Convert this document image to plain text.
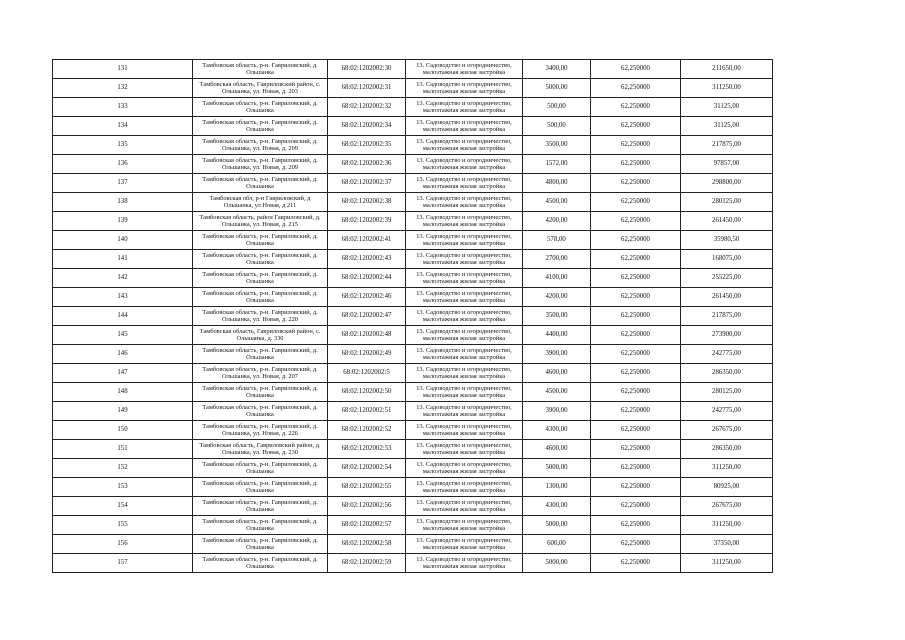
131	Тамбовская область, р-н. Гавриловский, д. Ольшанка	68:02:1202002:30	13. Садоводство и огородничество, малоэтажная жилая застройка	3400,00	62,250000	211650,00
132	Тамбовская область, Гавриловский район, с. Ольшанка, ул. Новая, д. 203	68:02:1202002:31	13. Садоводство и огородничество, малоэтажная жилая застройка	5000,00	62,250000	311250,00
133	Тамбовская область, р-н. Гавриловский, д. Ольшанка	68:02:1202002:32	13. Садоводство и огородничество, малоэтажная жилая застройка	500,00	62,250000	31125,00
134	Тамбовская область, р-н. Гавриловский, д. Ольшанка	68:02:1202002:34	13. Садоводство и огородничество, малоэтажная жилая застройка	500,00	62,250000	31125,00
135	Тамбовская область, р-н. Гавриловский, д. Ольшанка, ул. Новая, д. 209	68:02:1202002:35	13. Садоводство и огородничество, малоэтажная жилая застройка	3500,00	62,250000	217875,00
136	Тамбовская область, р-н. Гавриловский, д. Ольшанка, ул. Новая, д. 209	68:02:1202002:36	13. Садоводство и огородничество, малоэтажная жилая застройка	1572,00	62,250000	97857,00
137	Тамбовская область, р-н. Гавриловский, д. Ольшанка	68:02:1202002:37	13. Садоводство и огородничество, малоэтажная жилая застройка	4800,00	62,250000	298800,00
138	Тамбовская обл, р-н Гавриловский, д Ольшанка, ул Новая, д 211	68:02:1202002:38	13. Садоводство и огородничество, малоэтажная жилая застройка	4500,00	62,250000	280125,00
139	Тамбовская область, район Гавриловский, д. Ольшанка, ул. Новая, д. 215	68:02:1202002:39	13. Садоводство и огородничество, малоэтажная жилая застройка	4200,00	62,250000	261450,00
140	Тамбовская область, р-н. Гавриловский, д. Ольшанка	68:02:1202002:41	13. Садоводство и огородничество, малоэтажная жилая застройка	578,00	62,250000	35980,50
141	Тамбовская область, р-н. Гавриловский, д. Ольшанка	68:02:1202002:43	13. Садоводство и огородничество, малоэтажная жилая застройка	2700,00	62,250000	168075,00
142	Тамбовская область, р-н. Гавриловский, д. Ольшанка	68:02:1202002:44	13. Садоводство и огородничество, малоэтажная жилая застройка	4100,00	62,250000	255225,00
143	Тамбовская область, р-н. Гавриловский, д. Ольшанка	68:02:1202002:46	13. Садоводство и огородничество, малоэтажная жилая застройка	4200,00	62,250000	261450,00
144	Тамбовская область, р-н. Гавриловский, д. Ольшанка, ул. Новая, д. 220	68:02:1202002:47	13. Садоводство и огородничество, малоэтажная жилая застройка	3500,00	62,250000	217875,00
145	Тамбовская область, Гавриловский район, с. Ольшанка, д. 330	68:02:1202002:48	13. Садоводство и огородничество, малоэтажная жилая застройка	4400,00	62,250000	273900,00
146	Тамбовская область, р-н. Гавриловский, д. Ольшанка	68:02:1202002:49	13. Садоводство и огородничество, малоэтажная жилая застройка	3900,00	62,250000	242775,00
147	Тамбовская область, р-н. Гавриловский, д. Ольшанка, ул. Новая, д. 207	68:02:1202002:5	13. Садоводство и огородничество, малоэтажная жилая застройка	4600,00	62,250000	286350,00
148	Тамбовская область, р-н. Гавриловский, д. Ольшанка	68:02:1202002:50	13. Садоводство и огородничество, малоэтажная жилая застройка	4500,00	62,250000	280125,00
149	Тамбовская область, р-н. Гавриловский, д. Ольшанка	68:02:1202002:51	13. Садоводство и огородничество, малоэтажная жилая застройка	3900,00	62,250000	242775,00
150	Тамбовская область, р-н. Гавриловский, д. Ольшанка, ул. Новая, д. 226	68:02:1202002:52	13. Садоводство и огородничество, малоэтажная жилая застройка	4300,00	62,250000	267675,00
151	Тамбовская область, Гавриловский район, д. Ольшанка, ул. Новая, д. 230	68:02:1202002:53	13. Садоводство и огородничество, малоэтажная жилая застройка	4600,00	62,250000	286350,00
152	Тамбовская область, р-н. Гавриловский, д. Ольшанка	68:02:1202002:54	13. Садоводство и огородничество, малоэтажная жилая застройка	5000,00	62,250000	311250,00
153	Тамбовская область, р-н. Гавриловский, д. Ольшанка	68:02:1202002:55	13. Садоводство и огородничество, малоэтажная жилая застройка	1300,00	62,250000	80925,00
154	Тамбовская область, р-н. Гавриловский, д. Ольшанка	68:02:1202002:56	13. Садоводство и огородничество, малоэтажная жилая застройка	4300,00	62,250000	267675,00
155	Тамбовская область, р-н. Гавриловский, д. Ольшанка	68:02:1202002:57	13. Садоводство и огородничество, малоэтажная жилая застройка	5000,00	62,250000	311250,00
156	Тамбовская область, р-н. Гавриловский, д. Ольшанка	68:02:1202002:58	13. Садоводство и огородничество, малоэтажная жилая застройка	600,00	62,250000	37350,00
157	Тамбовская область, р-н. Гавриловский, д. Ольшанка	68:02:1202002:59	13. Садоводство и огородничество, малоэтажная жилая застройка	5000,00	62,250000	311250,00
